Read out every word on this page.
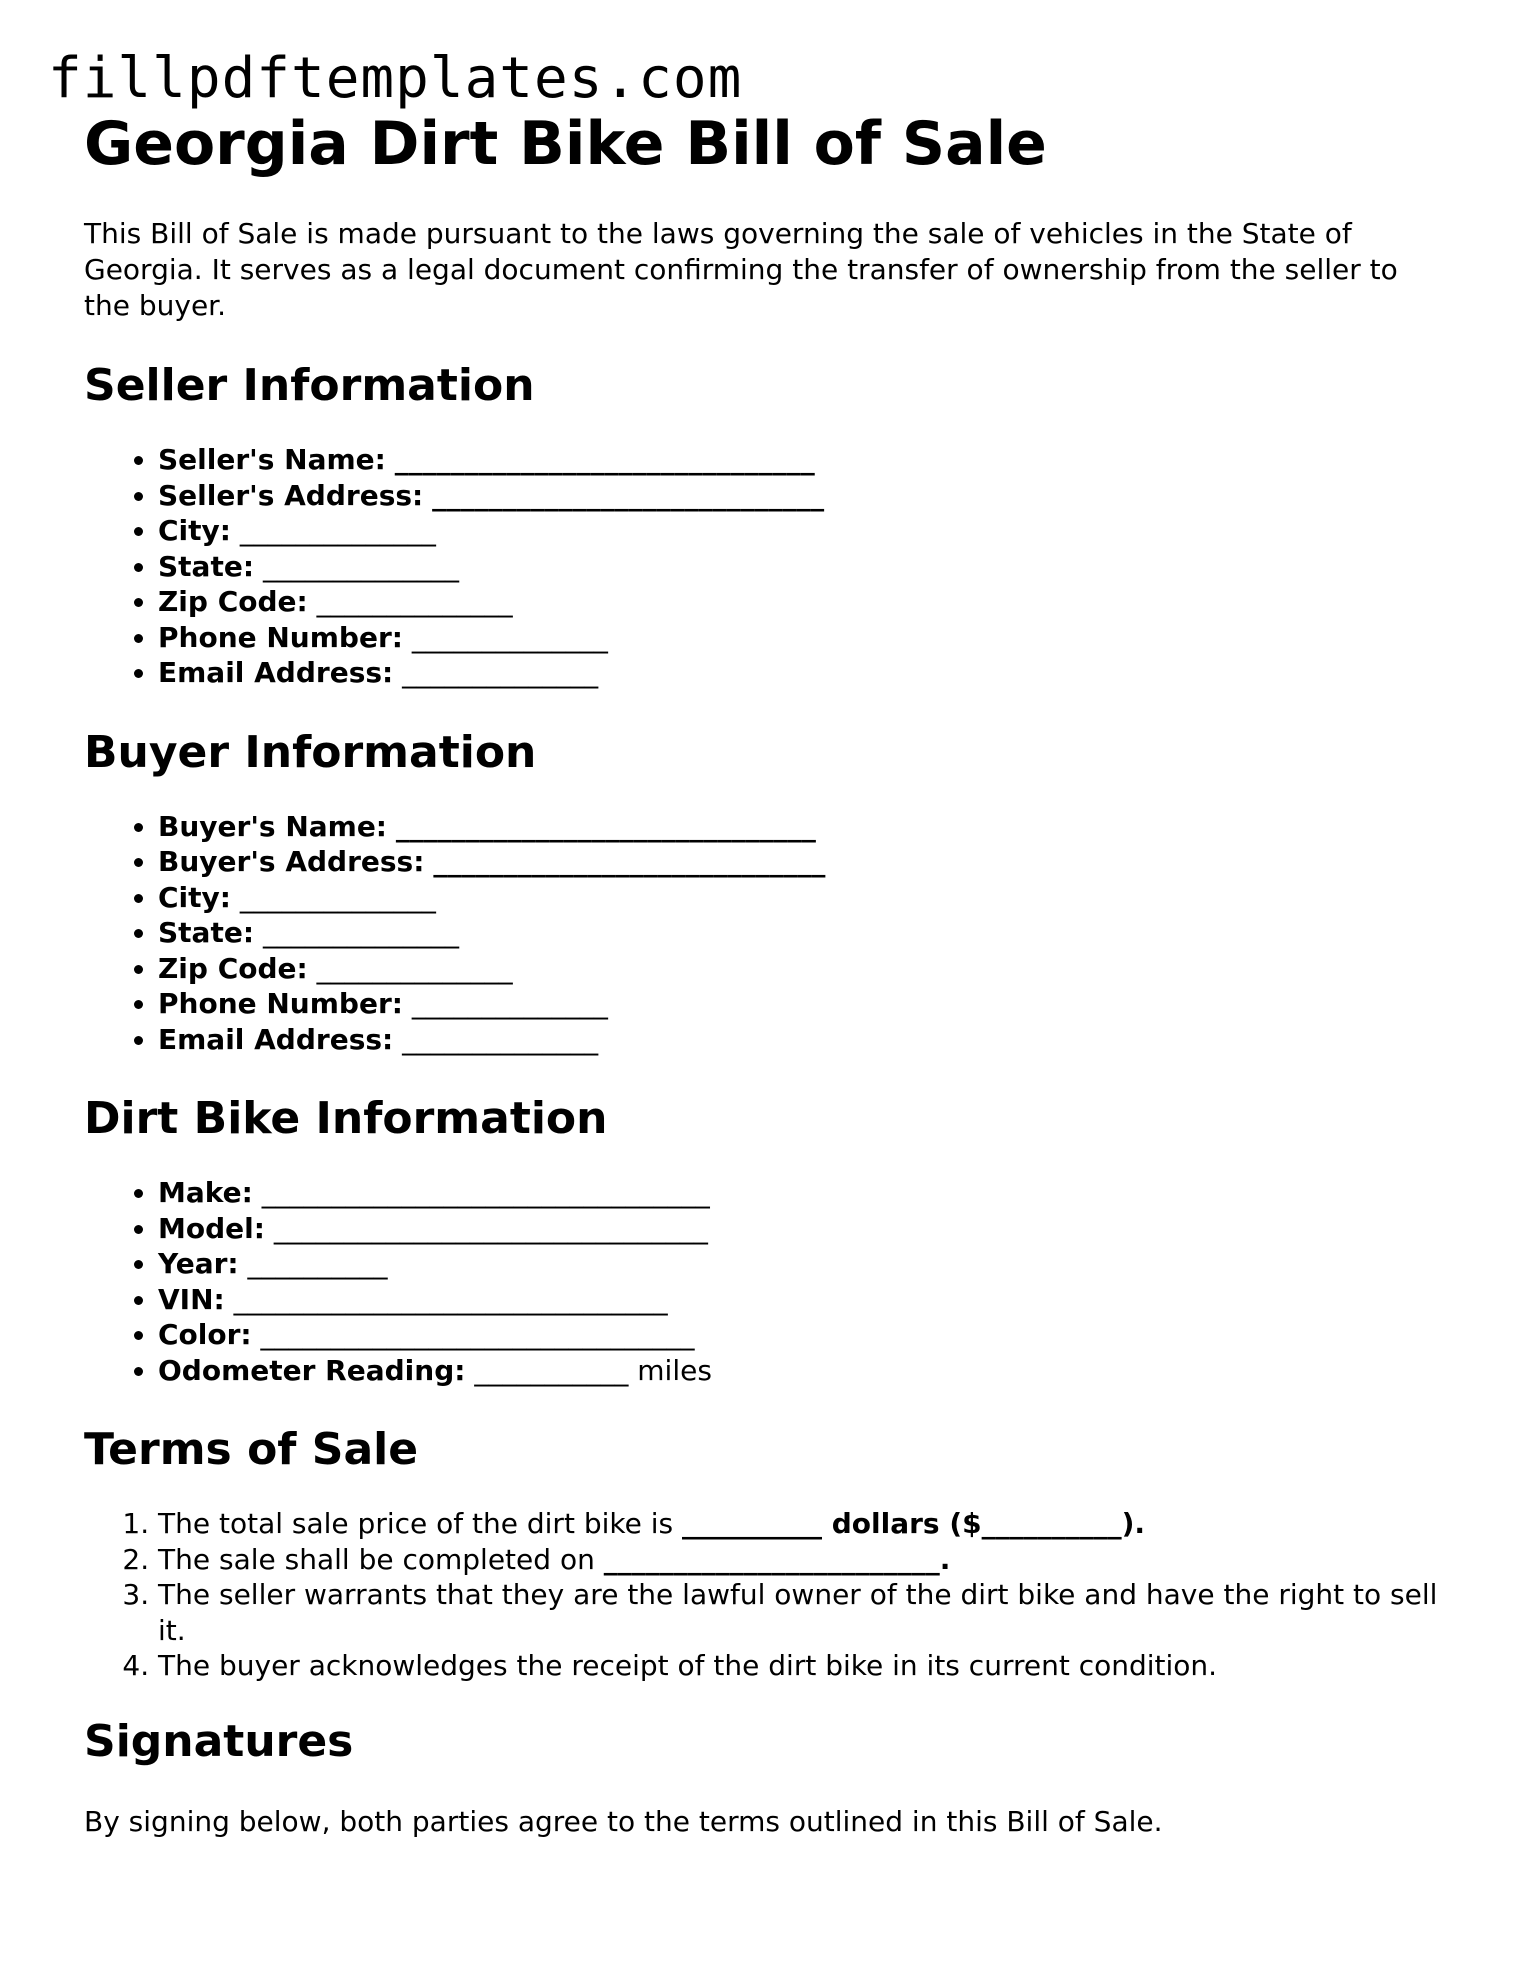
fillpdftemplates.com
Georgia Dirt Bike Bill of Sale

This Bill of Sale is made pursuant to the laws governing the sale of vehicles in the State of Georgia. It serves as a legal document confirming the transfer of ownership from the seller to the buyer.

Seller Information
• Seller's Name: ______________________________
• Seller's Address: ____________________________
• City: ______________
• State: ______________
• Zip Code: ______________
• Phone Number: ______________
• Email Address: ______________
Buyer Information
• Buyer's Name: ______________________________
• Buyer's Address: ____________________________
• City: ______________
• State: ______________
• Zip Code: ______________
• Phone Number: ______________
• Email Address: ______________
Dirt Bike Information
• Make: ________________________________
• Model: _______________________________
• Year: __________
• VIN: _______________________________
• Color: _______________________________
• Odometer Reading: ___________ miles
Terms of Sale
1. The total sale price of the dirt bike is __________ dollars ($__________).
2. The sale shall be completed on ________________________.
3. The seller warrants that they are the lawful owner of the dirt bike and have the right to sell it.
4. The buyer acknowledges the receipt of the dirt bike in its current condition.
Signatures

By signing below, both parties agree to the terms outlined in this Bill of Sale.
